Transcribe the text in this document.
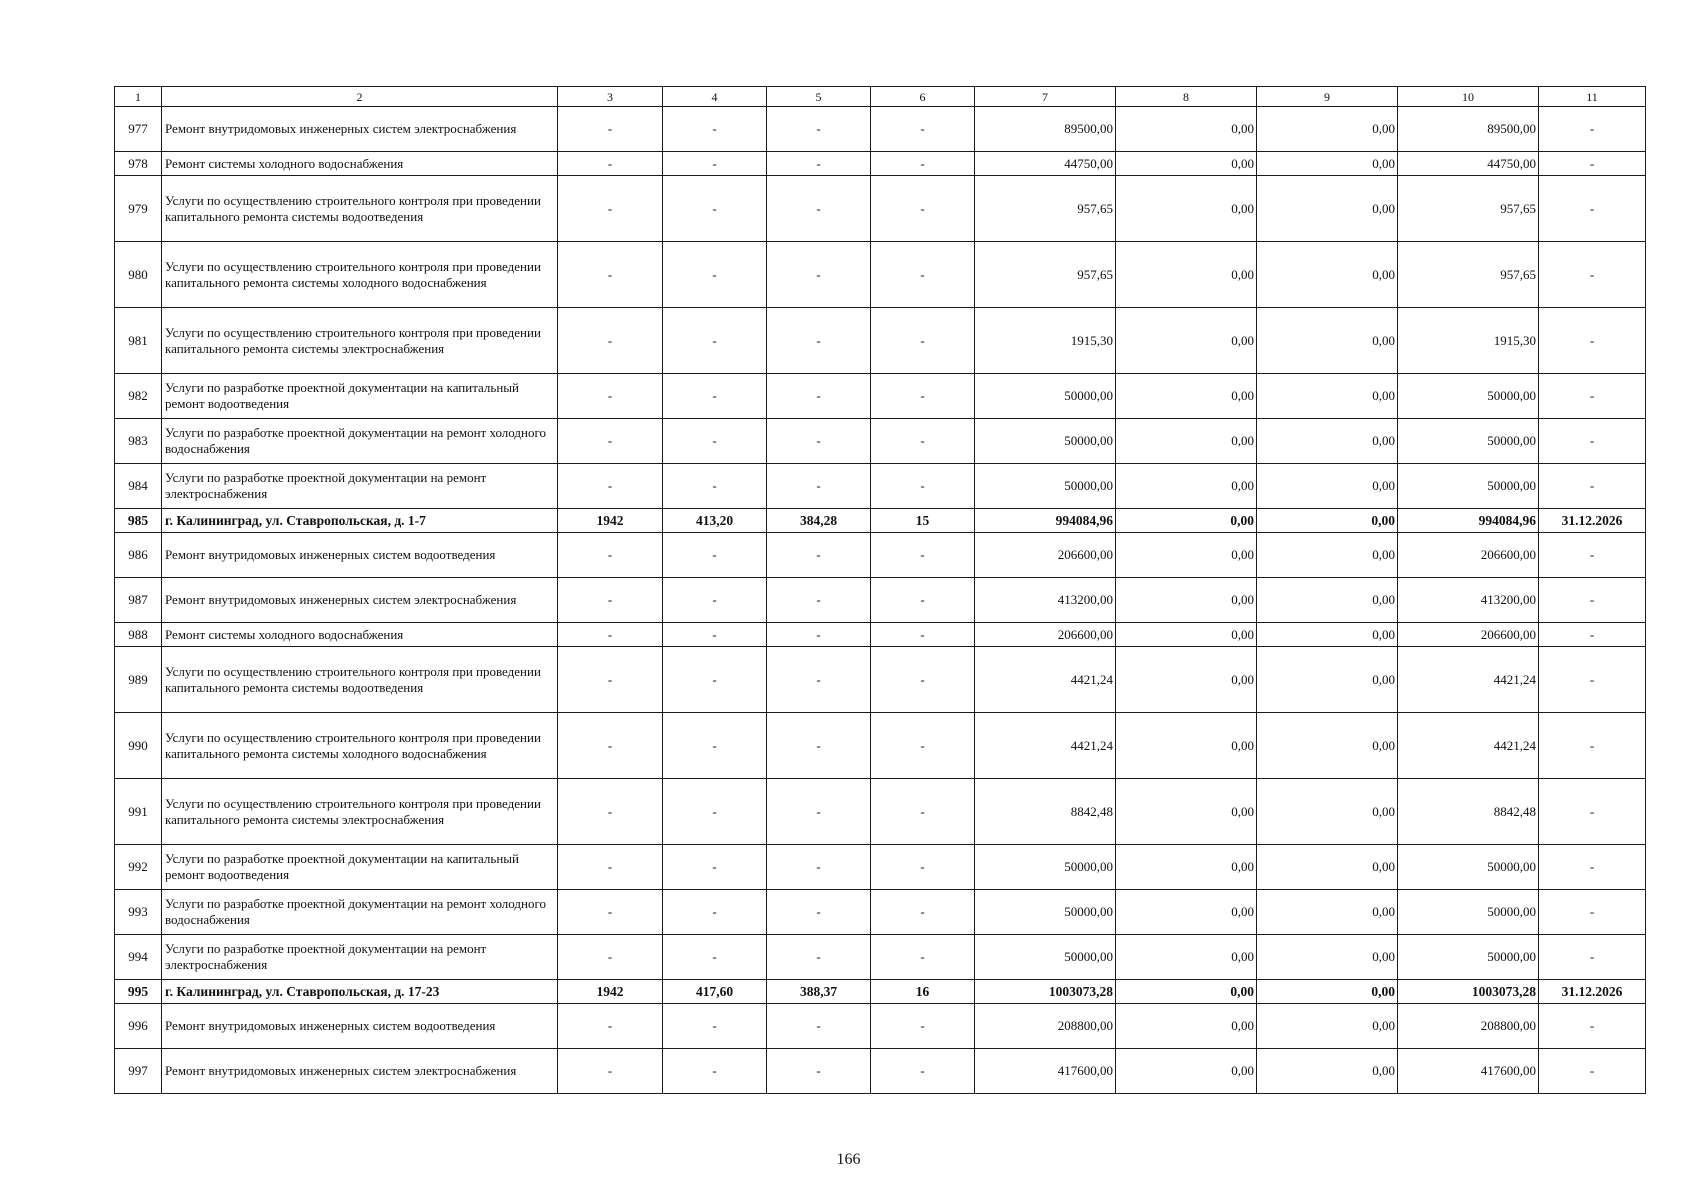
1	2	3	4	5	6	7	8	9	10	11
977	Ремонт внутридомовых инженерных систем электроснабжения	-	-	-	-	89500,00	0,00	0,00	89500,00	-
978	Ремонт системы холодного водоснабжения	-	-	-	-	44750,00	0,00	0,00	44750,00	-
979	Услуги по осуществлению строительного контроля при проведении капитального ремонта системы водоотведения	-	-	-	-	957,65	0,00	0,00	957,65	-
980	Услуги по осуществлению строительного контроля при проведении капитального ремонта системы холодного водоснабжения	-	-	-	-	957,65	0,00	0,00	957,65	-
981	Услуги по осуществлению строительного контроля при проведении капитального ремонта системы электроснабжения	-	-	-	-	1915,30	0,00	0,00	1915,30	-
982	Услуги по разработке проектной документации на капитальный ремонт водоотведения	-	-	-	-	50000,00	0,00	0,00	50000,00	-
983	Услуги по разработке проектной документации на ремонт холодного водоснабжения	-	-	-	-	50000,00	0,00	0,00	50000,00	-
984	Услуги по разработке проектной документации на ремонт электроснабжения	-	-	-	-	50000,00	0,00	0,00	50000,00	-
985	г. Калининград, ул. Ставропольская, д. 1-7	1942	413,20	384,28	15	994084,96	0,00	0,00	994084,96	31.12.2026
986	Ремонт внутридомовых инженерных систем водоотведения	-	-	-	-	206600,00	0,00	0,00	206600,00	-
987	Ремонт внутридомовых инженерных систем электроснабжения	-	-	-	-	413200,00	0,00	0,00	413200,00	-
988	Ремонт системы холодного водоснабжения	-	-	-	-	206600,00	0,00	0,00	206600,00	-
989	Услуги по осуществлению строительного контроля при проведении капитального ремонта системы водоотведения	-	-	-	-	4421,24	0,00	0,00	4421,24	-
990	Услуги по осуществлению строительного контроля при проведении капитального ремонта системы холодного водоснабжения	-	-	-	-	4421,24	0,00	0,00	4421,24	-
991	Услуги по осуществлению строительного контроля при проведении капитального ремонта системы электроснабжения	-	-	-	-	8842,48	0,00	0,00	8842,48	-
992	Услуги по разработке проектной документации на капитальный ремонт водоотведения	-	-	-	-	50000,00	0,00	0,00	50000,00	-
993	Услуги по разработке проектной документации на ремонт холодного водоснабжения	-	-	-	-	50000,00	0,00	0,00	50000,00	-
994	Услуги по разработке проектной документации на ремонт электроснабжения	-	-	-	-	50000,00	0,00	0,00	50000,00	-
995	г. Калининград, ул. Ставропольская, д. 17-23	1942	417,60	388,37	16	1003073,28	0,00	0,00	1003073,28	31.12.2026
996	Ремонт внутридомовых инженерных систем водоотведения	-	-	-	-	208800,00	0,00	0,00	208800,00	-
997	Ремонт внутридомовых инженерных систем электроснабжения	-	-	-	-	417600,00	0,00	0,00	417600,00	-
166
